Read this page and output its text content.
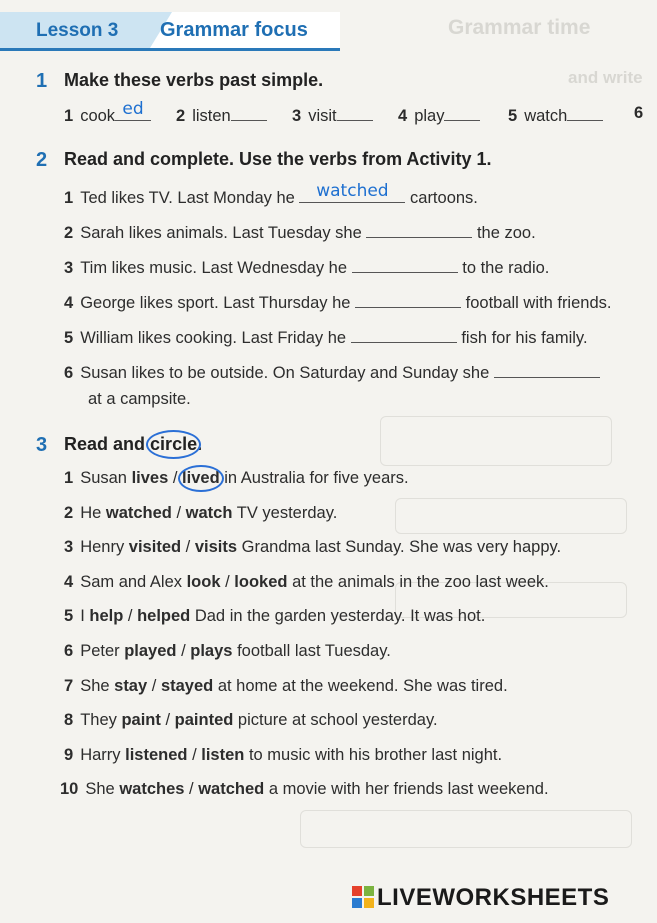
Grammar time
and write
Lesson 3 Grammar focus
1 Make these verbs past simple.
1 cook ed	2 listen	3 visit	4 play	5 watch	6
2 Read and complete. Use the verbs from Activity 1.
1 Ted likes TV. Last Monday he	watched	cartoons.
2 Sarah likes animals. Last Tuesday she	the zoo.
3 Tim likes music. Last Wednesday he	to the radio.
4 George likes sport. Last Thursday he	football with friends.
5 William likes cooking. Last Friday he	fish for his family.
6 Susan likes to be outside. On Saturday and Sunday she
at a campsite.
3 Read and circle.
1 Susan lives / lived in Australia for five years.
2 He watched / watch TV yesterday.
3 Henry visited / visits Grandma last Sunday. She was very happy.
4 Sam and Alex look / looked at the animals in the zoo last week.
5 I help / helped Dad in the garden yesterday. It was hot.
6 Peter played / plays football last Tuesday.
7 She stay / stayed at home at the weekend. She was tired.
8 They paint / painted picture at school yesterday.
9 Harry listened / listen to music with his brother last night.
10 She watches / watched a movie with her friends last weekend.
LIVEWORKSHEETS
